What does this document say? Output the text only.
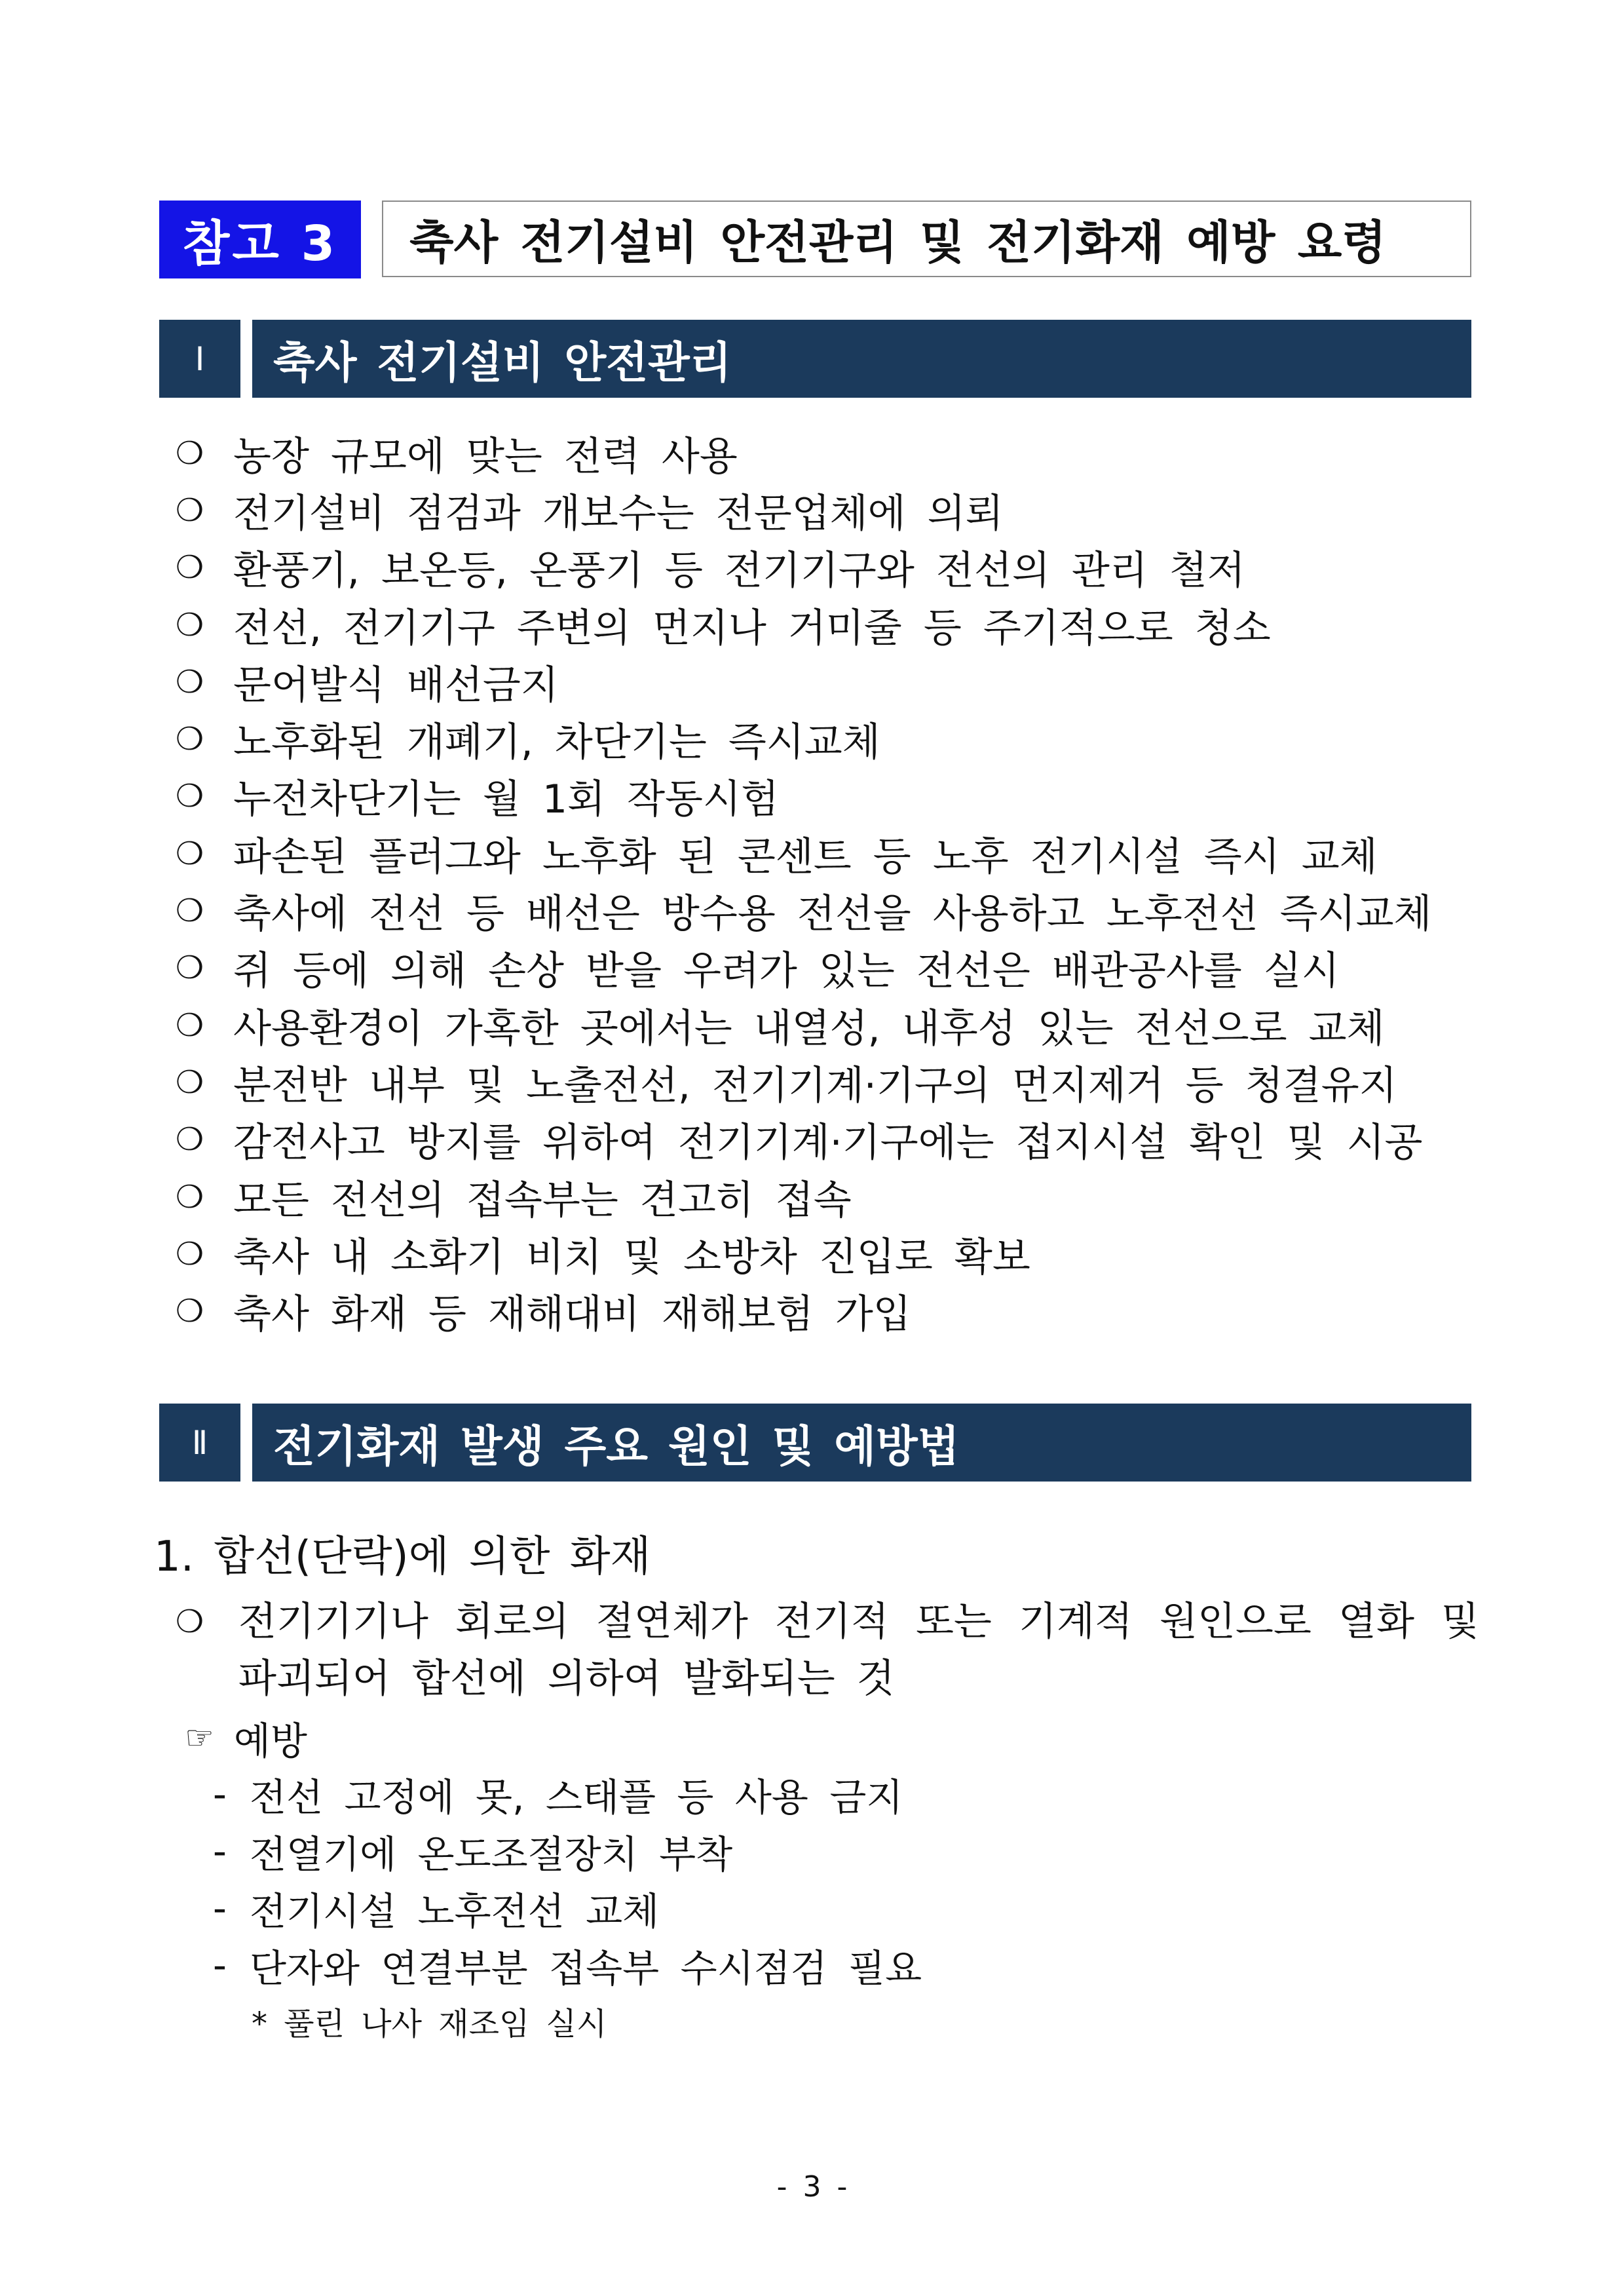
참고 3	축사 전기설비 안전관리 및 전기화재 예방 요령
Ⅰ	축사 전기설비 안전관리
❍ 농장 규모에 맞는 전력 사용
❍ 전기설비 점검과 개보수는 전문업체에 의뢰
❍ 환풍기, 보온등, 온풍기 등 전기기구와 전선의 관리 철저
❍ 전선, 전기기구 주변의 먼지나 거미줄 등 주기적으로 청소
❍ 문어발식 배선금지
❍ 노후화된 개폐기, 차단기는 즉시교체
❍ 누전차단기는 월 1회 작동시험
❍ 파손된 플러그와 노후화 된 콘센트 등 노후 전기시설 즉시 교체
❍ 축사에 전선 등 배선은 방수용 전선을 사용하고 노후전선 즉시교체
❍ 쥐 등에 의해 손상 받을 우려가 있는 전선은 배관공사를 실시
❍ 사용환경이 가혹한 곳에서는 내열성, 내후성 있는 전선으로 교체
❍ 분전반 내부 및 노출전선, 전기기계·기구의 먼지제거 등 청결유지
❍ 감전사고 방지를 위하여 전기기계·기구에는 접지시설 확인 및 시공
❍ 모든 전선의 접속부는 견고히 접속
❍ 축사 내 소화기 비치 및 소방차 진입로 확보
❍ 축사 화재 등 재해대비 재해보험 가입
Ⅱ	전기화재 발생 주요 원인 및 예방법
1. 합선(단락)에 의한 화재
❍ 전기기기나 회로의 절연체가 전기적 또는 기계적 원인으로 열화 및 파괴되어 합선에 의하여 발화되는 것
☞ 예방
- 전선 고정에 못, 스태플 등 사용 금지
- 전열기에 온도조절장치 부착
- 전기시설 노후전선 교체
- 단자와 연결부분 접속부 수시점검 필요
* 풀린 나사 재조임 실시
- 3 -
